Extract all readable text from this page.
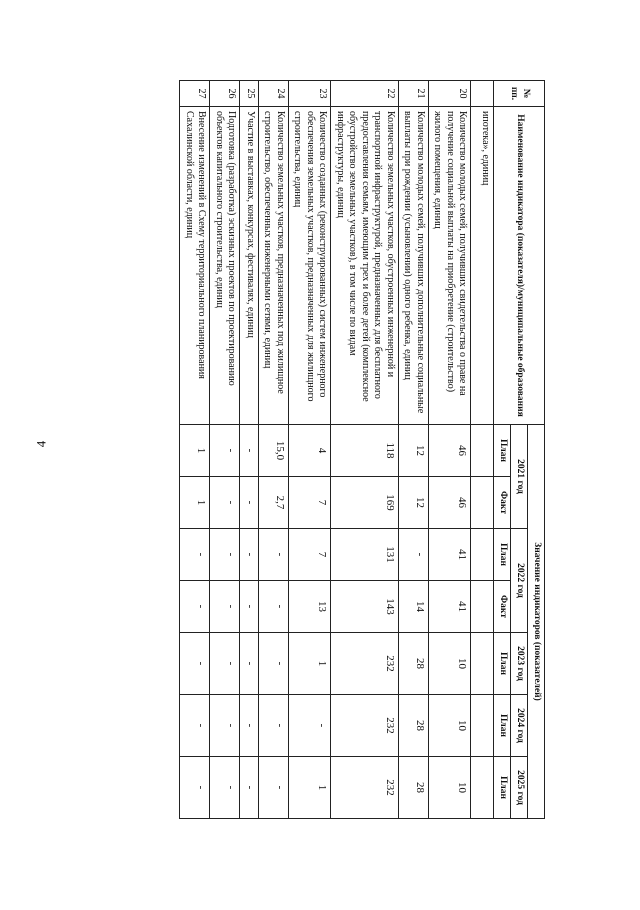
4
№ пп.	Наименование индикатора (показателя)/муниципальные образования	Значение индикаторов (показателей)						
		2021 год		2022 год		2023 год	2024 год	2025 год
		План	Факт	План	Факт	План	План	План
	ипотека», единиц							
20	Количество молодых семей, получивших свидетельства о праве на получение социальной выплаты на приобретение (строительство) жилого помещения, единиц	46	46	41	41	10	10	10
21	Количество молодых семей, получивших дополнительные социальные выплаты при рождении (усыновлении) одного ребенка, единиц	12	12	-	14	28	28	28
22	Количество земельных участков, обустроенных инженерной и транспортной инфраструктурой, предназначенных для бесплатного предоставления семьям, имеющим трех и более детей (комплексное обустройство земельных участков), в том числе по видам инфраструктуры, единиц	118	169	131	143	232	232	232
23	Количество созданных (реконструированных) систем инженерного обеспечения земельных участков, предназначенных для жилищного строительства, единиц	4	7	7	13	1	-	1
24	Количество земельных участков, предназначенных под жилищное строительство, обеспеченных инженерными сетями, единиц	15,0	2,7	-	-	-	-	-
25	Участие в выставках, конкурсах, фестивалях, единиц	-	-	-	-	-	-	-
26	Подготовка (разработка) эскизных проектов по проектированию объектов капитального строительства, единиц	-	-	-	-	-	-	-
27	Внесение изменений в Схему территориального планирования Сахалинской области, единиц	1	1	-	-	-	-	-
